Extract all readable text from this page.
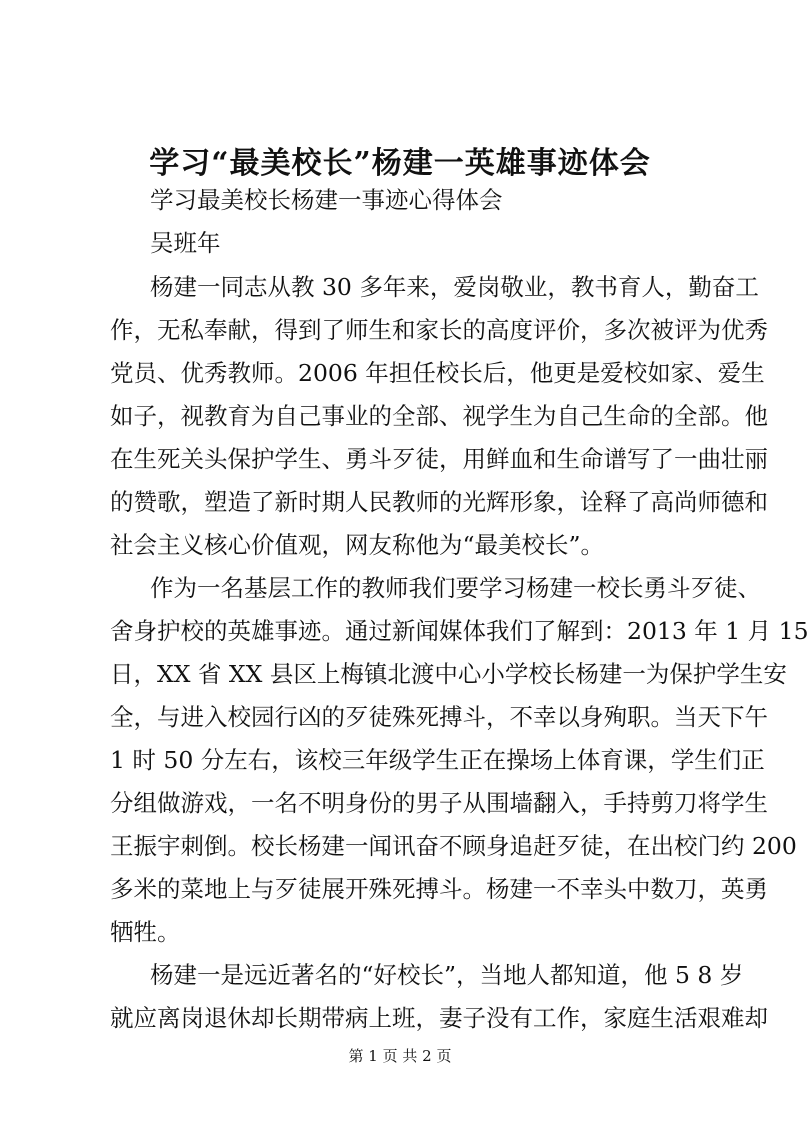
学习“最美校长”杨建一英雄事迹体会
学习最美校长杨建一事迹心得体会
吴班年
杨建一同志从教 30 多年来，爱岗敬业，教书育人，勤奋工
作，无私奉献，得到了师生和家长的高度评价，多次被评为优秀
党员、优秀教师。2006 年担任校长后，他更是爱校如家、爱生
如子，视教育为自己事业的全部、视学生为自己生命的全部。他
在生死关头保护学生、勇斗歹徒，用鲜血和生命谱写了一曲壮丽
的赞歌，塑造了新时期人民教师的光辉形象，诠释了高尚师德和
社会主义核心价值观，网友称他为“最美校长”。
作为一名基层工作的教师我们要学习杨建一校长勇斗歹徒、
舍身护校的英雄事迹。通过新闻媒体我们了解到：2013 年 1 月 15
日，XX 省 XX 县区上梅镇北渡中心小学校长杨建一为保护学生安
全，与进入校园行凶的歹徒殊死搏斗，不幸以身殉职。当天下午
1 时 50 分左右，该校三年级学生正在操场上体育课，学生们正
分组做游戏，一名不明身份的男子从围墙翻入，手持剪刀将学生
王振宇刺倒。校长杨建一闻讯奋不顾身追赶歹徒，在出校门约 200
多米的菜地上与歹徒展开殊死搏斗。杨建一不幸头中数刀，英勇
牺牲。
杨建一是远近著名的“好校长”，当地人都知道，他 5 8 岁
就应离岗退休却长期带病上班，妻子没有工作，家庭生活艰难却
第 1 页 共 2 页
